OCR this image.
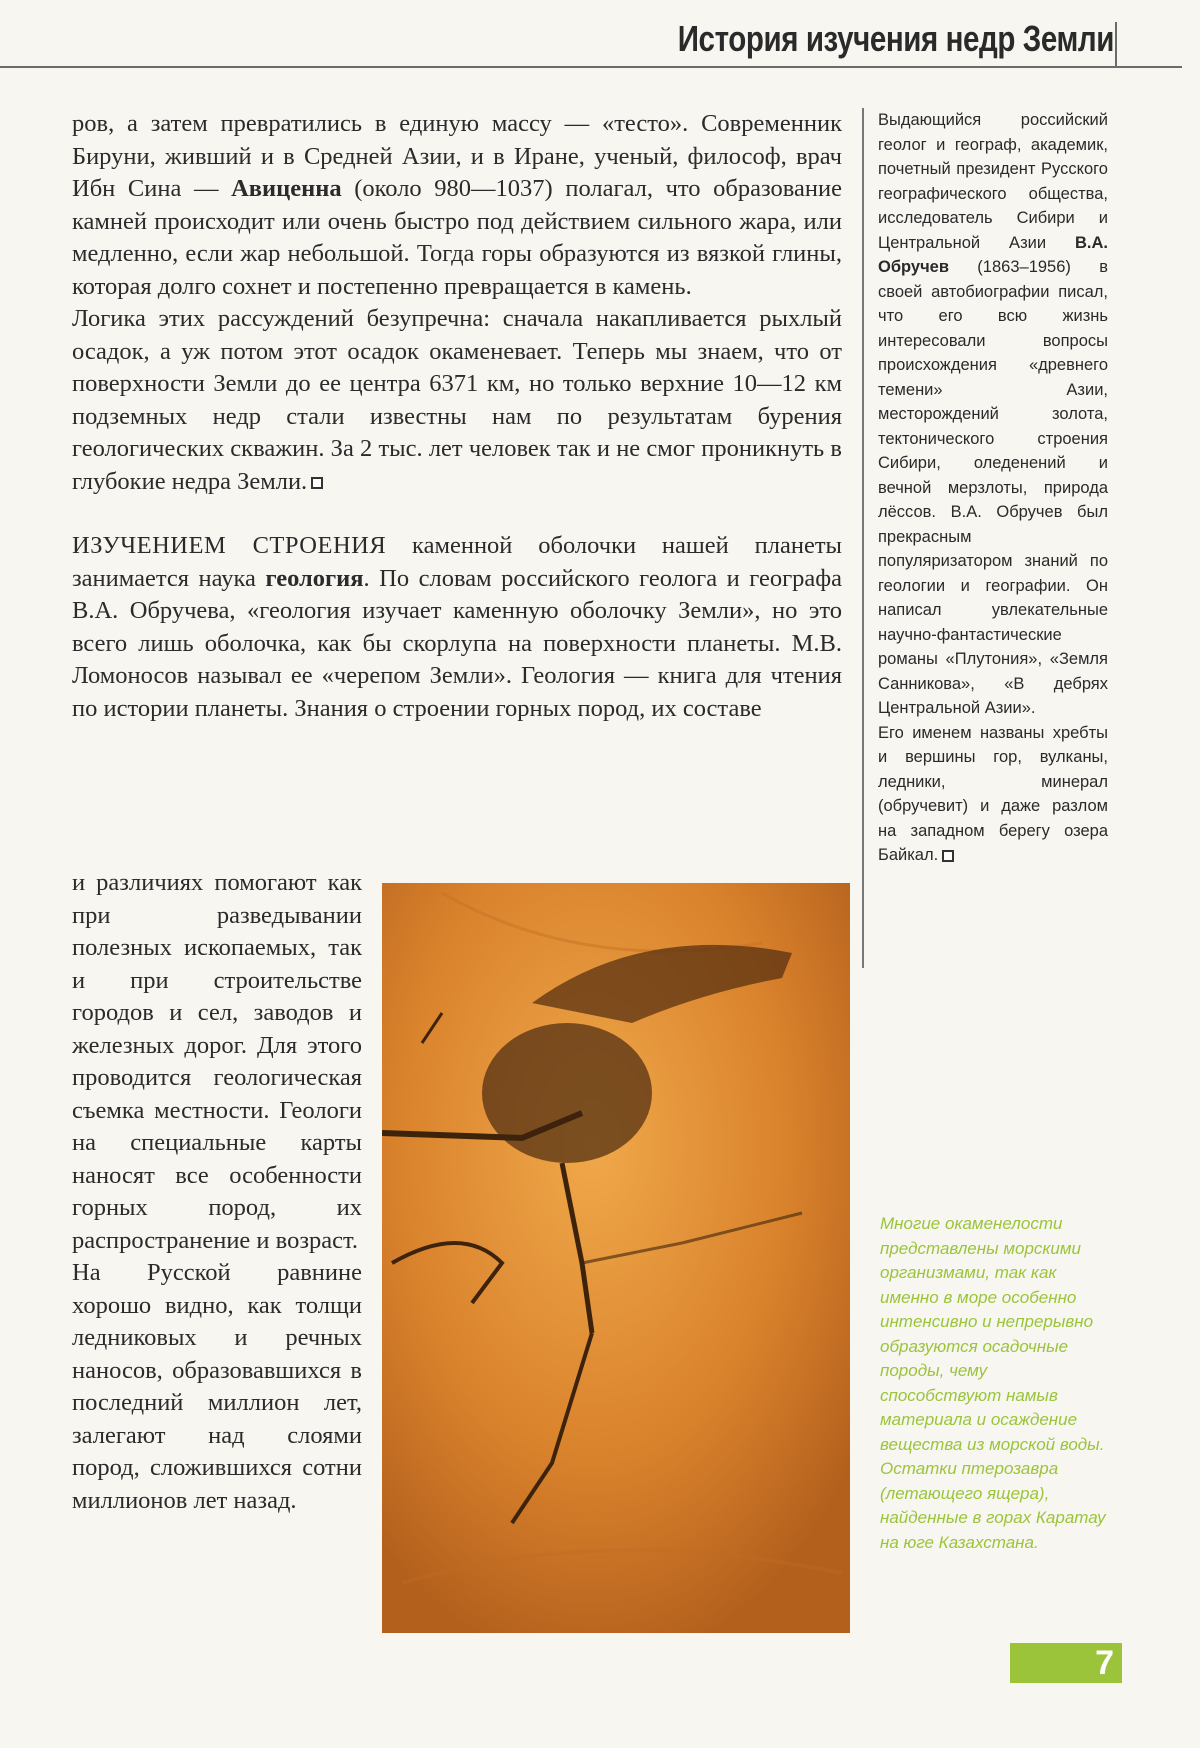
История изучения недр Земли

ров, а затем превратились в единую массу — «тесто». Современник Бируни, живший и в Средней Азии, и в Иране, ученый, философ, врач Ибн Сина — Авиценна (около 980—1037) полагал, что образование камней происходит или очень быстро под действием сильного жара, или медленно, если жар небольшой. Тогда горы образуются из вязкой глины, которая долго сохнет и постепенно превращается в камень.

Логика этих рассуждений безупречна: сначала накапливается рыхлый осадок, а уж потом этот осадок окаменевает. Теперь мы знаем, что от поверхности Земли до ее центра 6371 км, но только верхние 10—12 км подземных недр стали известны нам по результатам бурения геологических скважин. За 2 тыс. лет человек так и не смог проникнуть в глубокие недра Земли.

ИЗУЧЕНИЕМ СТРОЕНИЯ каменной оболочки нашей планеты занимается наука геология. По словам российского геолога и географа В.А. Обручева, «геология изучает каменную оболочку Земли», но это всего лишь оболочка, как бы скорлупа на поверхности планеты. М.В. Ломоносов называл ее «черепом Земли». Геология — книга для чтения по истории планеты. Знания о строении горных пород, их составе

и различиях помогают как при разведывании полезных ископаемых, так и при строительстве городов и сел, заводов и железных дорог. Для этого проводится геологическая съемка местности. Геологи на специальные карты наносят все особенности горных пород, их распространение и возраст.

На Русской равнине хорошо видно, как толщи ледниковых и речных наносов, образовавшихся в последний миллион лет, залегают над слоями пород, сложившихся сотни миллионов лет назад.

Выдающийся российский геолог и географ, академик, почетный президент Русского географического общества, исследователь Сибири и Центральной Азии В.А. Обручев (1863–1956) в своей автобиографии писал, что его всю жизнь интересовали вопросы происхождения «древнего темени» Азии, месторождений золота, тектонического строения Сибири, оледенений и вечной мерзлоты, природа лёссов. В.А. Обручев был прекрасным популяризатором знаний по геологии и географии. Он написал увлекательные научно-фантастические романы «Плутония», «Земля Санникова», «В дебрях Центральной Азии».

Его именем названы хребты и вершины гор, вулканы, ледники, минерал (обручевит) и даже разлом на западном берегу озера Байкал.

Многие окаменелости представлены морскими организмами, так как именно в море особенно интенсивно и непрерывно образуются осадочные породы, чему способствуют намыв материала и осаждение вещества из морской воды.

Остатки птерозавра (летающего ящера), найденные в горах Каратау на юге Казахстана.

7
